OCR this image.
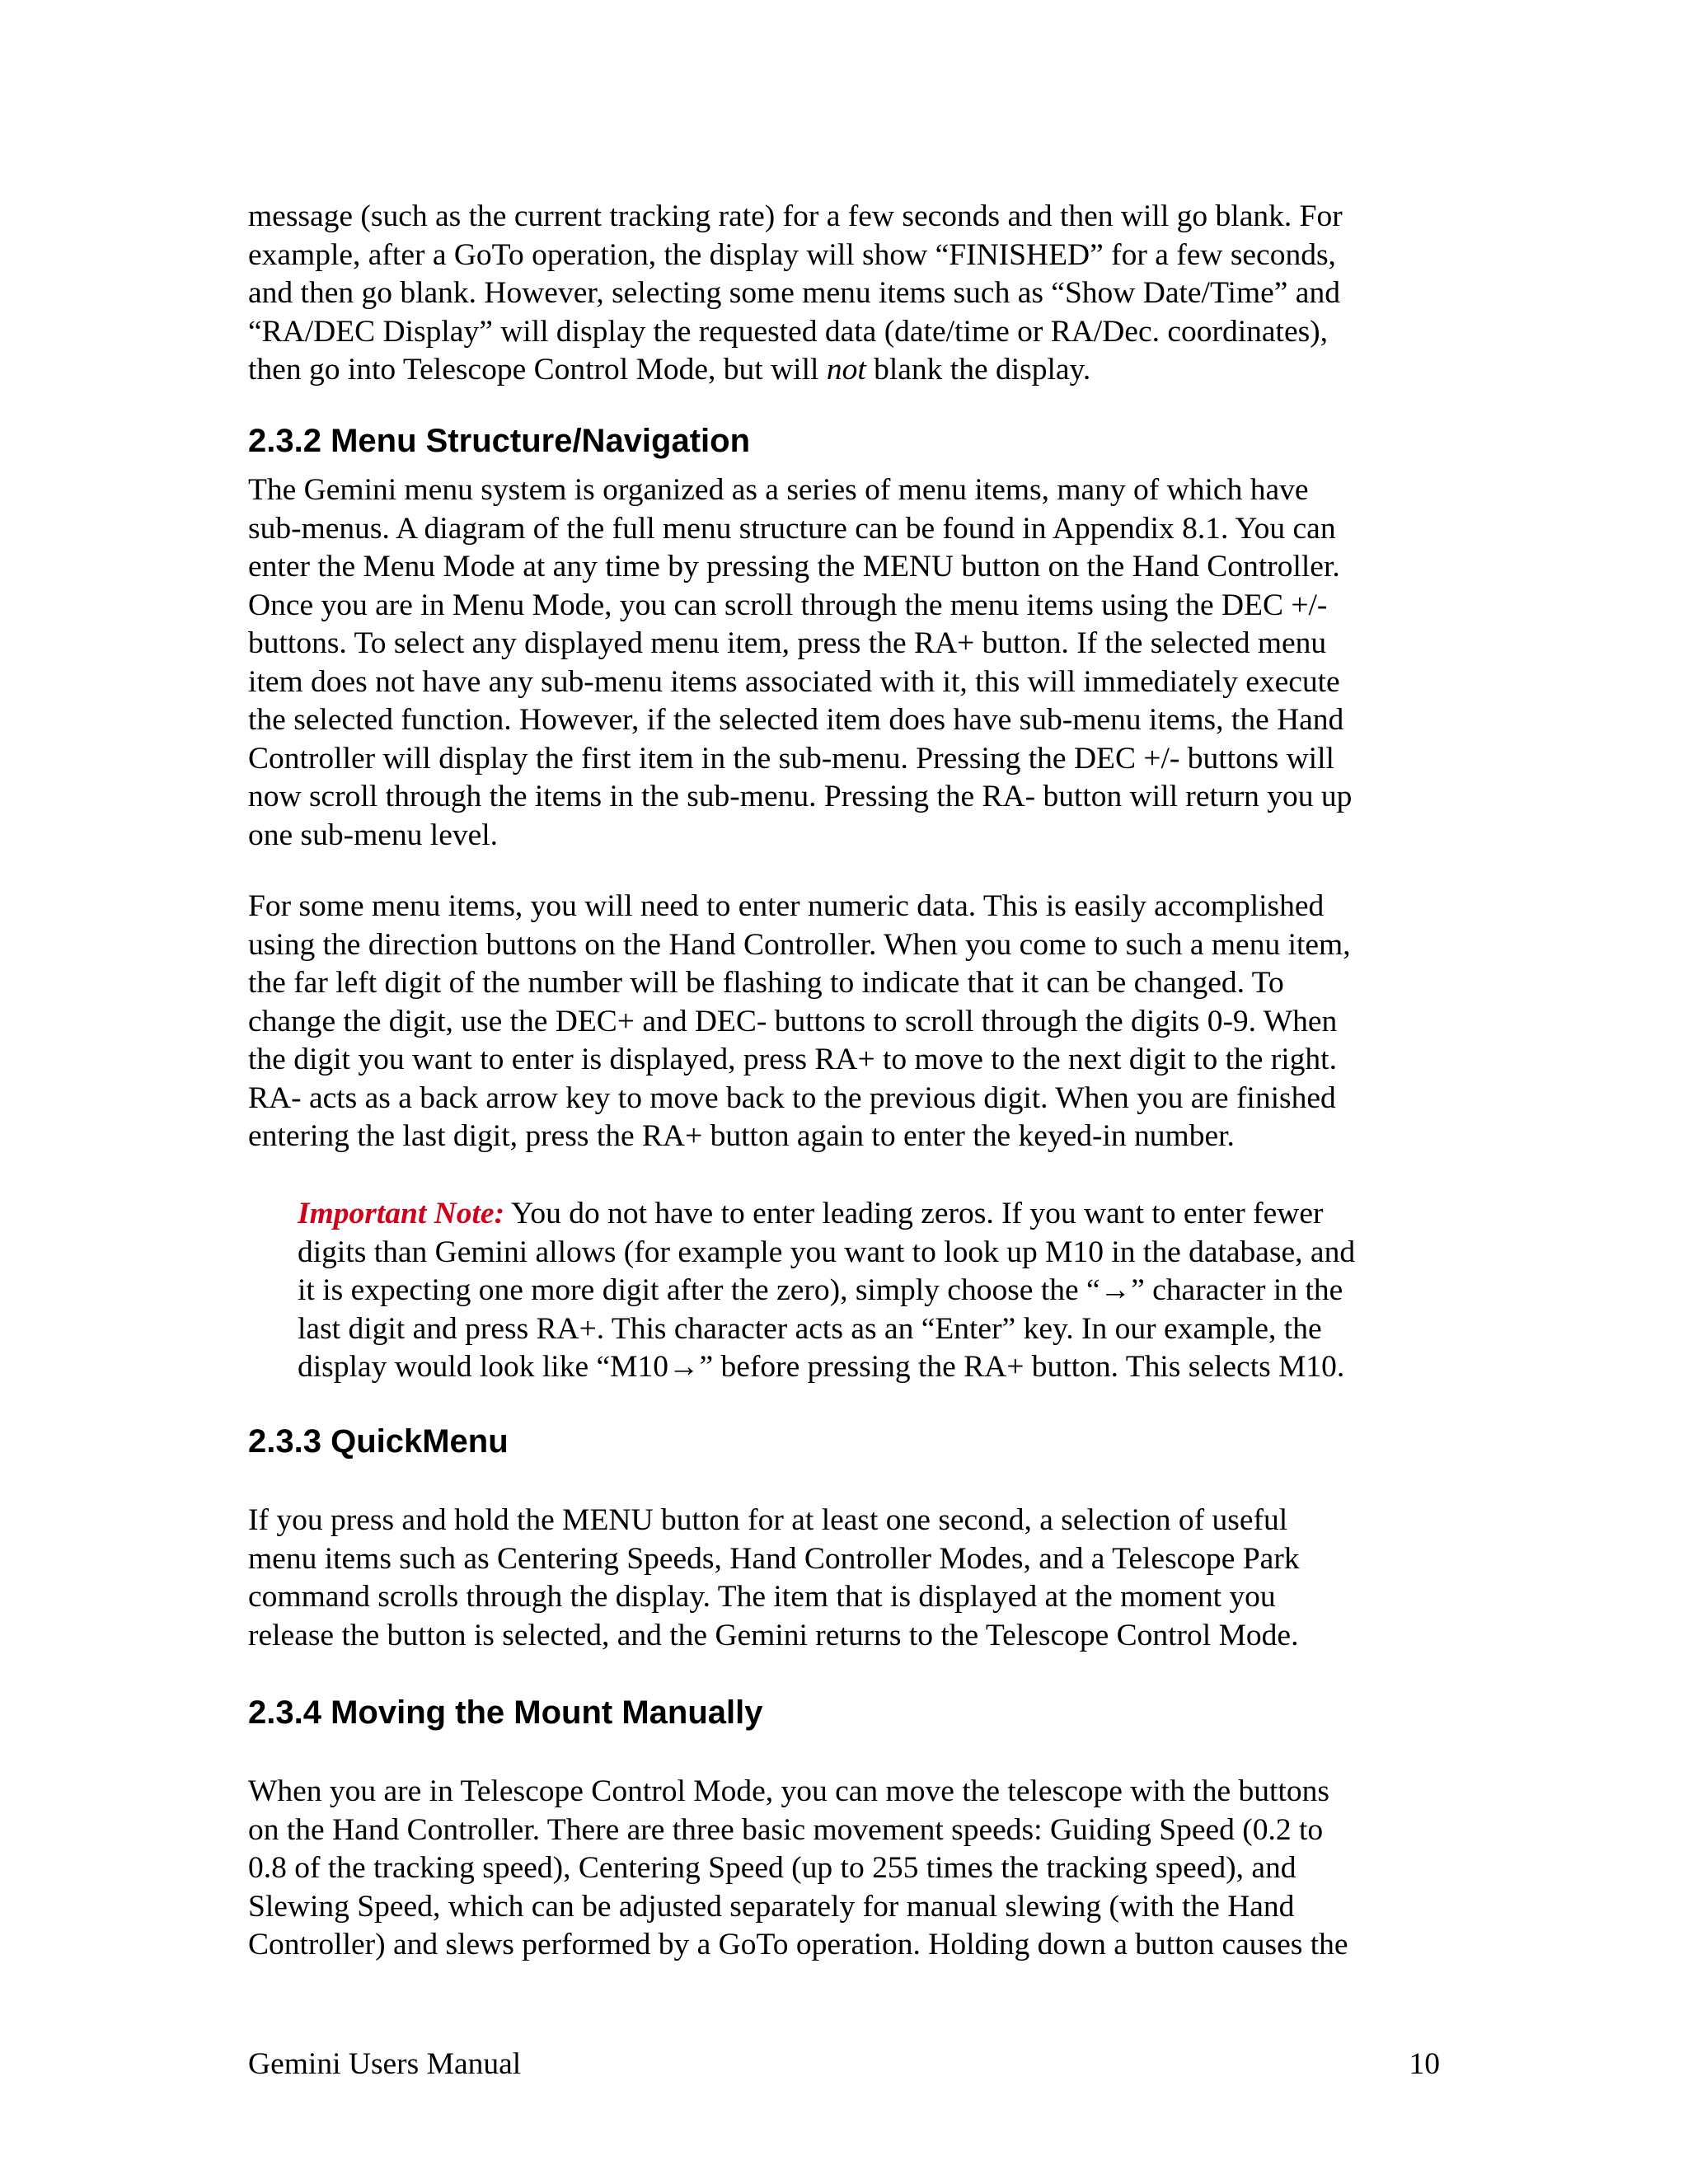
message (such as the current tracking rate) for a few seconds and then will go blank. For
example, after a GoTo operation, the display will show “FINISHED” for a few seconds,
and then go blank. However, selecting some menu items such as “Show Date/Time” and
“RA/DEC Display” will display the requested data (date/time or RA/Dec. coordinates),
then go into Telescope Control Mode, but will not blank the display.

2.3.2 Menu Structure/Navigation

The Gemini menu system is organized as a series of menu items, many of which have
sub-menus. A diagram of the full menu structure can be found in Appendix 8.1. You can
enter the Menu Mode at any time by pressing the MENU button on the Hand Controller.
Once you are in Menu Mode, you can scroll through the menu items using the DEC +/-
buttons. To select any displayed menu item, press the RA+ button. If the selected menu
item does not have any sub-menu items associated with it, this will immediately execute
the selected function. However, if the selected item does have sub-menu items, the Hand
Controller will display the first item in the sub-menu. Pressing the DEC +/- buttons will
now scroll through the items in the sub-menu. Pressing the RA- button will return you up
one sub-menu level.

For some menu items, you will need to enter numeric data. This is easily accomplished
using the direction buttons on the Hand Controller. When you come to such a menu item,
the far left digit of the number will be flashing to indicate that it can be changed. To
change the digit, use the DEC+ and DEC- buttons to scroll through the digits 0-9. When
the digit you want to enter is displayed, press RA+ to move to the next digit to the right.
RA- acts as a back arrow key to move back to the previous digit. When you are finished
entering the last digit, press the RA+ button again to enter the keyed-in number.

Important Note: You do not have to enter leading zeros. If you want to enter fewer
digits than Gemini allows (for example you want to look up M10 in the database, and
it is expecting one more digit after the zero), simply choose the “→” character in the
last digit and press RA+. This character acts as an “Enter” key. In our example, the
display would look like “M10→” before pressing the RA+ button. This selects M10.

2.3.3 QuickMenu

If you press and hold the MENU button for at least one second, a selection of useful
menu items such as Centering Speeds, Hand Controller Modes, and a Telescope Park
command scrolls through the display. The item that is displayed at the moment you
release the button is selected, and the Gemini returns to the Telescope Control Mode.

2.3.4 Moving the Mount Manually

When you are in Telescope Control Mode, you can move the telescope with the buttons
on the Hand Controller. There are three basic movement speeds: Guiding Speed (0.2 to
0.8 of the tracking speed), Centering Speed (up to 255 times the tracking speed), and
Slewing Speed, which can be adjusted separately for manual slewing (with the Hand
Controller) and slews performed by a GoTo operation. Holding down a button causes the

Gemini Users Manual	10
